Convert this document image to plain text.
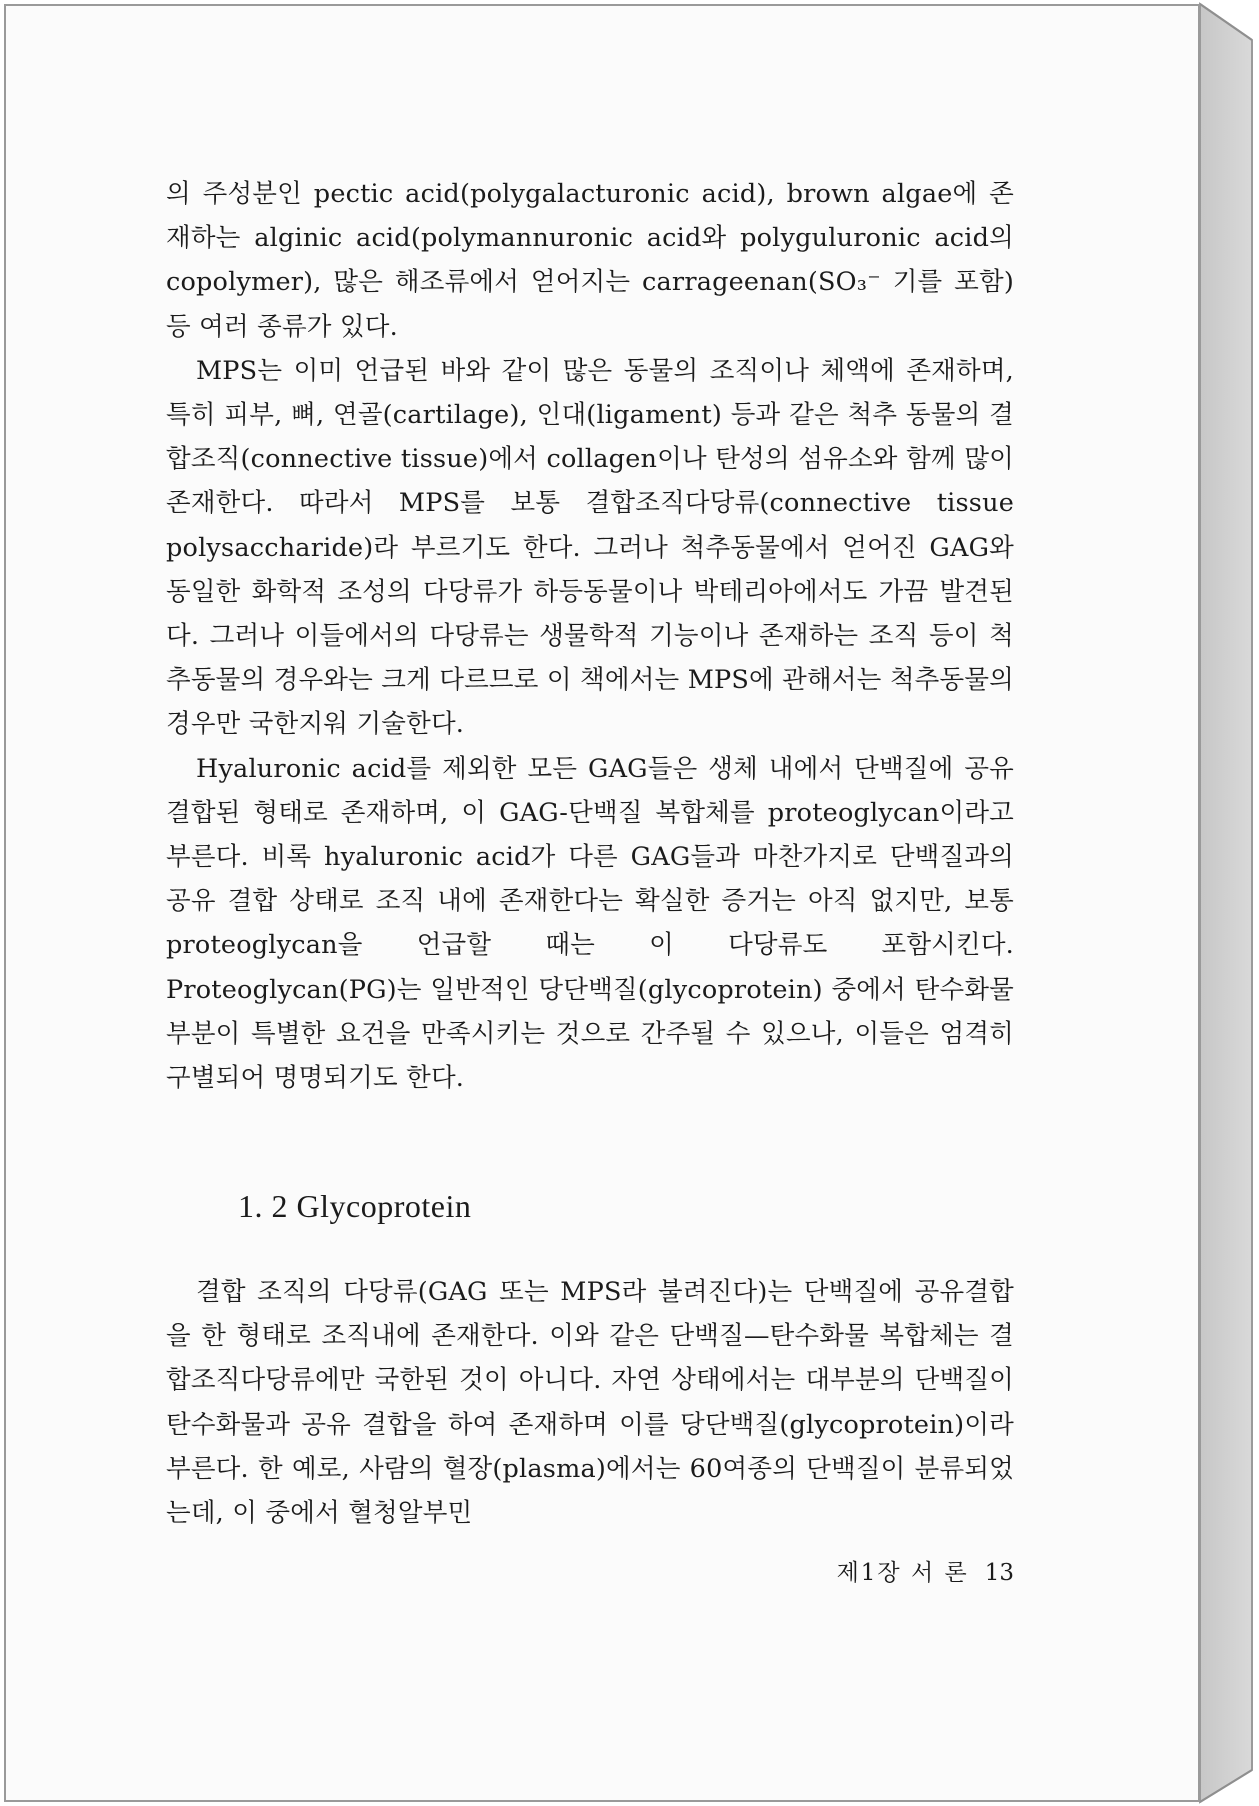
의 주성분인 pectic acid(polygalacturonic acid), brown algae에 존재하는 alginic acid(polymannuronic acid와 polyguluronic acid의 copolymer), 많은 해조류에서 얻어지는 carrageenan(SO₃⁻ 기를 포함) 등 여러 종류가 있다.

MPS는 이미 언급된 바와 같이 많은 동물의 조직이나 체액에 존재하며, 특히 피부, 뼈, 연골(cartilage), 인대(ligament) 등과 같은 척추 동물의 결합조직(connective tissue)에서 collagen이나 탄성의 섬유소와 함께 많이 존재한다. 따라서 MPS를 보통 결합조직다당류(connective tissue polysaccharide)라 부르기도 한다. 그러나 척추동물에서 얻어진 GAG와 동일한 화학적 조성의 다당류가 하등동물이나 박테리아에서도 가끔 발견된다. 그러나 이들에서의 다당류는 생물학적 기능이나 존재하는 조직 등이 척추동물의 경우와는 크게 다르므로 이 책에서는 MPS에 관해서는 척추동물의 경우만 국한지워 기술한다.

Hyaluronic acid를 제외한 모든 GAG들은 생체 내에서 단백질에 공유 결합된 형태로 존재하며, 이 GAG-단백질 복합체를 proteoglycan이라고 부른다. 비록 hyaluronic acid가 다른 GAG들과 마찬가지로 단백질과의 공유 결합 상태로 조직 내에 존재한다는 확실한 증거는 아직 없지만, 보통 proteoglycan을 언급할 때는 이 다당류도 포함시킨다. Proteoglycan(PG)는 일반적인 당단백질(glycoprotein) 중에서 탄수화물 부분이 특별한 요건을 만족시키는 것으로 간주될 수 있으나, 이들은 엄격히 구별되어 명명되기도 한다.

1. 2 Glycoprotein

결합 조직의 다당류(GAG 또는 MPS라 불려진다)는 단백질에 공유결합을 한 형태로 조직내에 존재한다. 이와 같은 단백질—탄수화물 복합체는 결합조직다당류에만 국한된 것이 아니다. 자연 상태에서는 대부분의 단백질이 탄수화물과 공유 결합을 하여 존재하며 이를 당단백질(glycoprotein)이라 부른다. 한 예로, 사람의 혈장(plasma)에서는 60여종의 단백질이 분류되었는데, 이 중에서 혈청알부민

제1장 서 론 13
